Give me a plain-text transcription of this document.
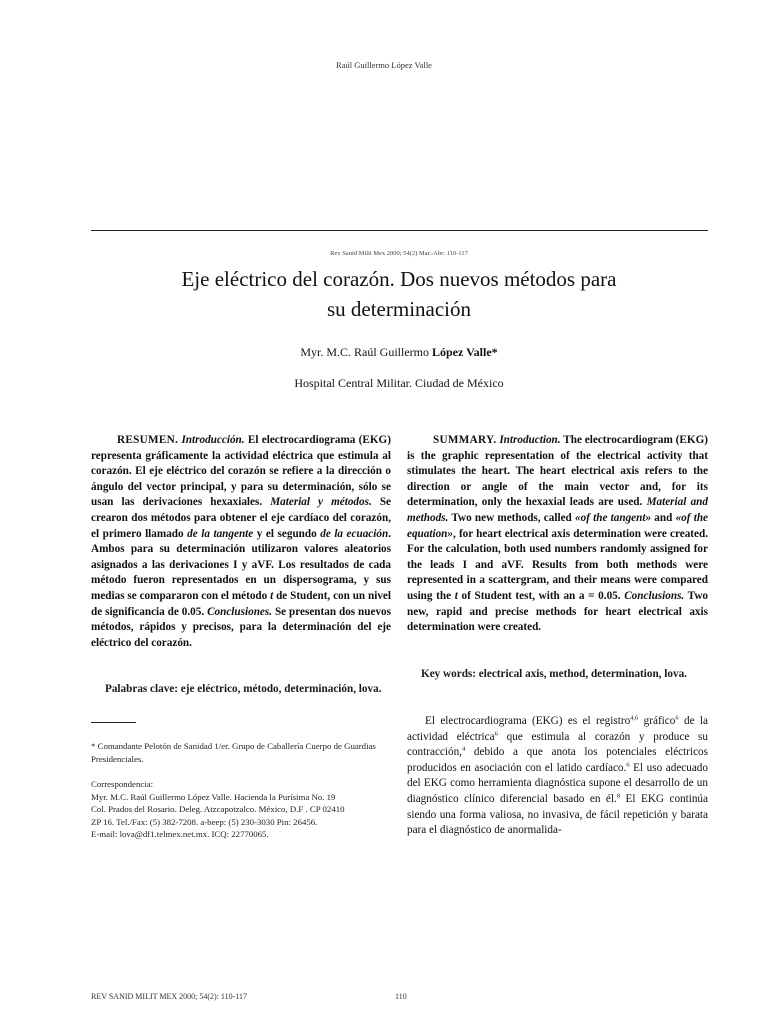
Raúl Guillermo López Valle
Rev Sanid Milit Mex 2000; 54(2) Mar.-Abr: 110-117
Eje eléctrico del corazón. Dos nuevos métodos para
su determinación
Myr. M.C. Raúl Guillermo López Valle*
Hospital Central Militar. Ciudad de México

RESUMEN. Introducción. El electrocardiograma (EKG) representa gráficamente la actividad eléctrica que estimula al corazón. El eje eléctrico del corazón se refiere a la dirección o ángulo del vector principal, y para su determinación, sólo se usan las derivaciones hexaxiales. Material y métodos. Se crearon dos métodos para obtener el eje cardíaco del corazón, el primero llamado de la tangente y el segundo de la ecuación. Ambos para su determinación utilizaron valores aleatorios asignados a las derivaciones I y aVF. Los resultados de cada método fueron representados en un dispersograma, y sus medias se compararon con el método t de Student, con un nivel de significancia de 0.05. Conclusiones. Se presentan dos nuevos métodos, rápidos y precisos, para la determinación del eje eléctrico del corazón.

Palabras clave: eje eléctrico, método, determinación, lova.

SUMMARY. Introduction. The electrocardiogram (EKG) is the graphic representation of the electrical activity that stimulates the heart. The heart electrical axis refers to the direction or angle of the main vector and, for its determination, only the hexaxial leads are used. Material and methods. Two new methods, called «of the tangent» and «of the equation», for heart electrical axis determination were created. For the calculation, both used numbers randomly assigned for the leads I and aVF. Results from both methods were represented in a scattergram, and their means were compared using the t of Student test, with an a = 0.05. Conclusions. Two new, rapid and precise methods for heart electrical axis determination were created.

Key words: electrical axis, method, determination, lova.
* Comandante Pelotón de Sanidad 1/er. Grupo de Caballería Cuerpo de Guardias Presidenciales.
Correspondencia:
Myr. M.C. Raúl Guillermo López Valle. Hacienda la Purísima No. 19
Col. Prados del Rosario. Deleg. Atzcapotzalco. México, D.F . CP 02410
ZP 16. Tel./Fax: (5) 382-7208. a-beep: (5) 230-3030 Pin: 26456.
E-mail: lova@df1.telmex.net.mx. ICQ: 22770065.

El electrocardiograma (EKG) es el registro$^{4,6}$ gráfico$^6$ de la actividad eléctrica$^6$ que estimula al corazón y produce su contracción,$^4$ debido a que anota los potenciales eléctricos producidos en asociación con el latido cardíaco.$^6$ El uso adecuado del EKG como herramienta diagnóstica supone el desarrollo de un diagnóstico clínico diferencial basado en él.$^8$ El EKG continúa siendo una forma valiosa, no invasiva, de fácil repetición y barata para el diagnóstico de anormalida-

REV SANID MILIT MEX 2000; 54(2): 110-117	110
